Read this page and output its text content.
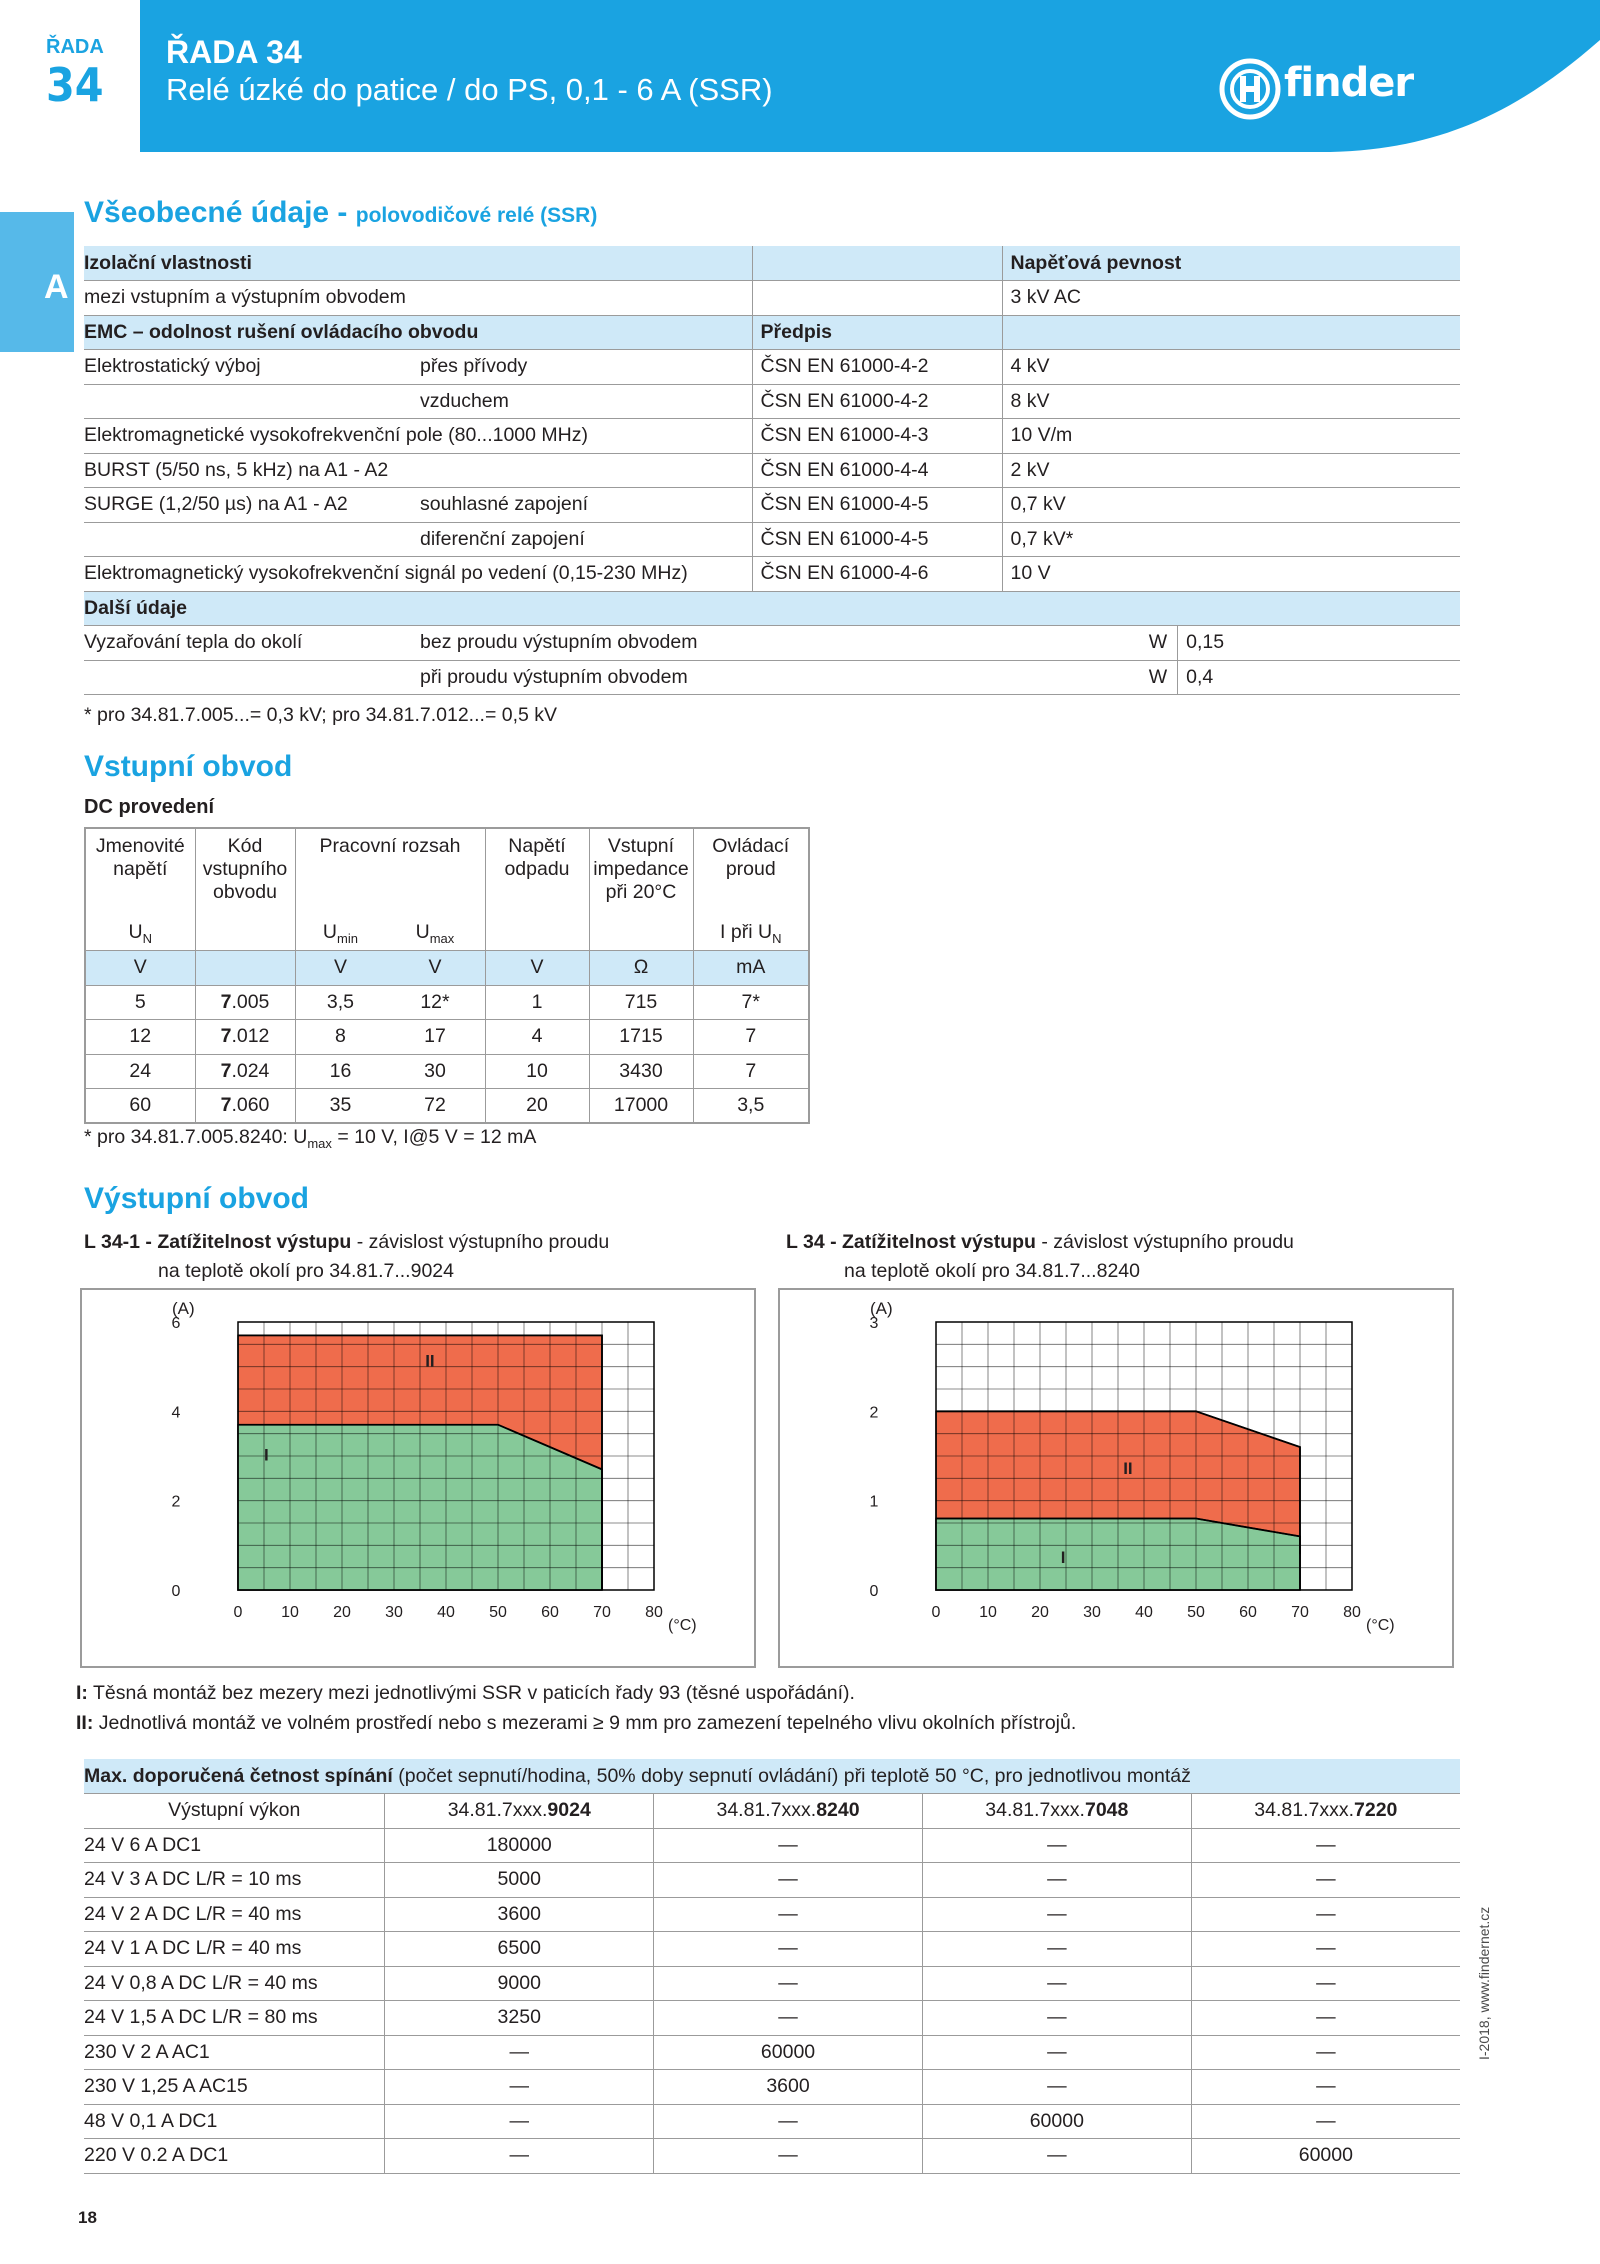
ŘADA
34
ŘADA 34
Relé úzké do patice / do PS, 0,1 - 6 A (SSR)	finder
A
Všeobecné údaje - polovodičové relé (SSR)
Izolační vlastnosti			Napěťová pevnost	
mezi vstupním a výstupním obvodem			3 kV AC	
EMC – odolnost rušení ovládacího obvodu		Předpis		
Elektrostatický výboj	přes přívody	ČSN EN 61000-4-2	4 kV	
	vzduchem	ČSN EN 61000-4-2	8 kV	
Elektromagnetické vysokofrekvenční pole (80...1000 MHz)		ČSN EN 61000-4-3	10 V/m	
BURST (5/50 ns, 5 kHz) na A1 - A2		ČSN EN 61000-4-4	2 kV	
SURGE (1,2/50 µs) na A1 - A2	souhlasné zapojení	ČSN EN 61000-4-5	0,7 kV	
	diferenční zapojení	ČSN EN 61000-4-5	0,7 kV*	
Elektromagnetický vysokofrekvenční signál po vedení (0,15-230 MHz)		ČSN EN 61000-4-6	10 V	
Další údaje				
Vyzařování tepla do okolí	bez proudu výstupním obvodem		W	0,15
	při proudu výstupním obvodem		W	0,4
* pro 34.81.7.005...= 0,3 kV; pro 34.81.7.012...= 0,5 kV
Vstupní obvod
DC provedení
Jmenovité napětí	Kód vstupního obvodu	Pracovní rozsah		Napětí odpadu	Vstupní impedance při 20°C	Ovládací proud
$U_N$		$U_{min}$	$U_{max}$			I při $U_N$
V		V	V	V	Ω	mA
5	7.005	3,5	12*	1	715	7*
12	7.012	8	17	4	1715	7
24	7.024	16	30	10	3430	7
60	7.060	35	72	20	17000	3,5
* pro 34.81.7.005.8240: $U_{max} = 10$ V, I@5 V = 12 mA
Výstupní obvod
L 34-1 - Zatížitelnost výstupu - závislost výstupního proudu
na teplotě okolí pro 34.81.7...9024
L 34 - Zatížitelnost výstupu - závislost výstupního proudu
na teplotě okolí pro 34.81.7...8240
0 10 20 30 40 50 60 70 80
0
2
4
6
(A)
(°C)
II
I
0 10 20 30 40 50 60 70 80
0
1
2
3
(A)
(°C)
II
I
I: Těsná montáž bez mezery mezi jednotlivými SSR v paticích řady 93 (těsné uspořádání).
II: Jednotlivá montáž ve volném prostředí nebo s mezerami ≥ 9 mm pro zamezení tepelného vlivu okolních přístrojů.
Max. doporučená četnost spínání (počet sepnutí/hodina, 50% doby sepnutí ovládání) při teplotě 50 °C, pro jednotlivou montáž				
Výstupní výkon	34.81.7xxx.9024	34.81.7xxx.8240	34.81.7xxx.7048	34.81.7xxx.7220
24 V 6 A DC1	180000	—	—	—
24 V 3 A DC L/R = 10 ms	5000	—	—	—
24 V 2 A DC L/R = 40 ms	3600	—	—	—
24 V 1 A DC L/R = 40 ms	6500	—	—	—
24 V 0,8 A DC L/R = 40 ms	9000	—	—	—
24 V 1,5 A DC L/R = 80 ms	3250	—	—	—
230 V 2 A AC1	—	60000	—	—
230 V 1,25 A AC15	—	3600	—	—
48 V 0,1 A DC1	—	—	60000	—
220 V 0.2 A DC1	—	—	—	60000
18
I-2018, www.findernet.cz
